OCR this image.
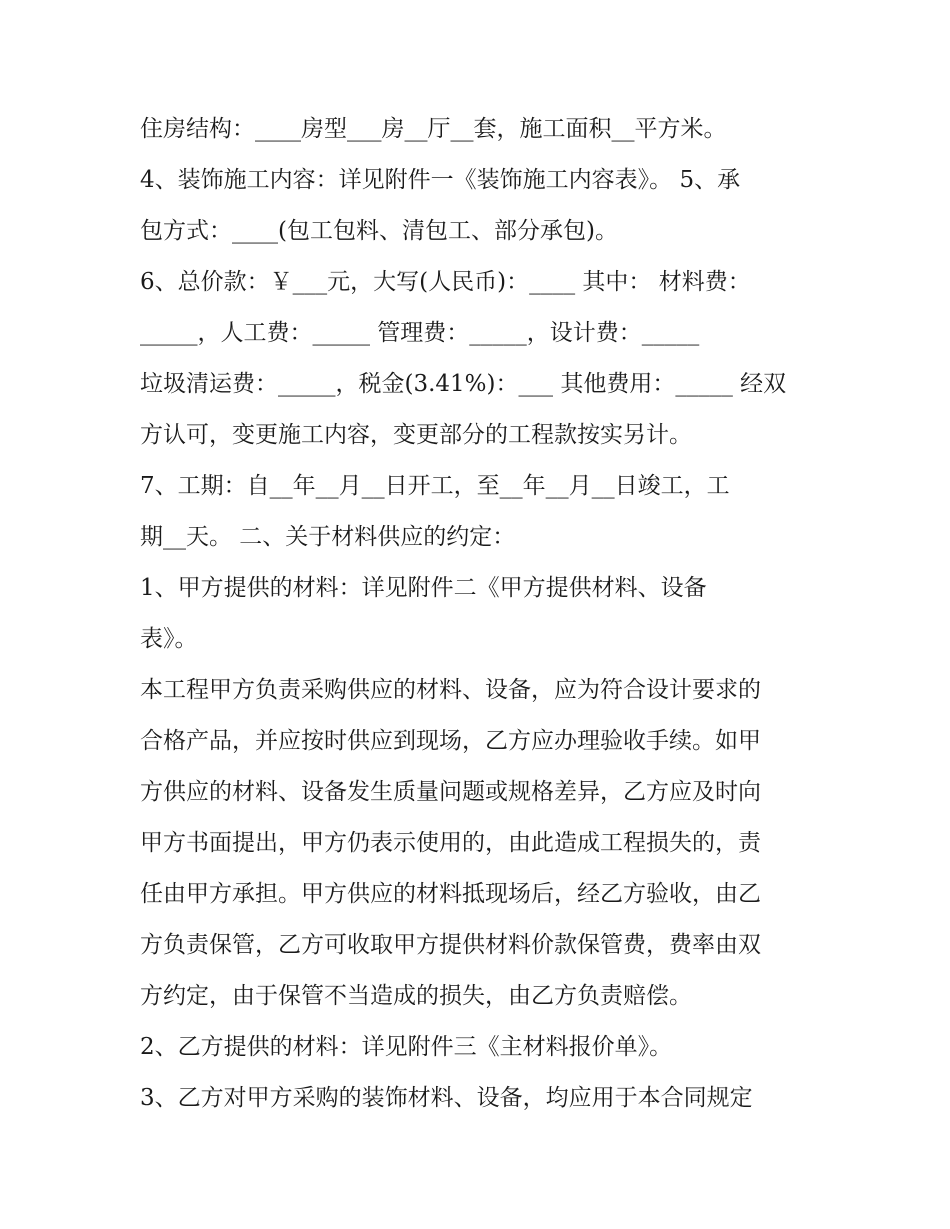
住房结构：____房型___房__厅__套，施工面积__平方米。
4、装饰施工内容：详见附件一《装饰施工内容表》。 5、承
包方式：____(包工包料、清包工、部分承包)。
6、总价款：￥___元，大写(人民币)：____ 其中： 材料费：
_____，人工费：_____ 管理费：_____，设计费：_____
垃圾清运费：_____，税金(3.41%)：___ 其他费用：_____ 经双
方认可，变更施工内容，变更部分的工程款按实另计。
7、工期：自__年__月__日开工，至__年__月__日竣工，工
期__天。 二、关于材料供应的约定：
1、甲方提供的材料：详见附件二《甲方提供材料、设备
表》。
本工程甲方负责采购供应的材料、设备，应为符合设计要求的
合格产品，并应按时供应到现场，乙方应办理验收手续。如甲
方供应的材料、设备发生质量问题或规格差异，乙方应及时向
甲方书面提出，甲方仍表示使用的，由此造成工程损失的，责
任由甲方承担。甲方供应的材料抵现场后，经乙方验收，由乙
方负责保管，乙方可收取甲方提供材料价款保管费，费率由双
方约定，由于保管不当造成的损失，由乙方负责赔偿。
2、乙方提供的材料：详见附件三《主材料报价单》。
3、乙方对甲方采购的装饰材料、设备，均应用于本合同规定
